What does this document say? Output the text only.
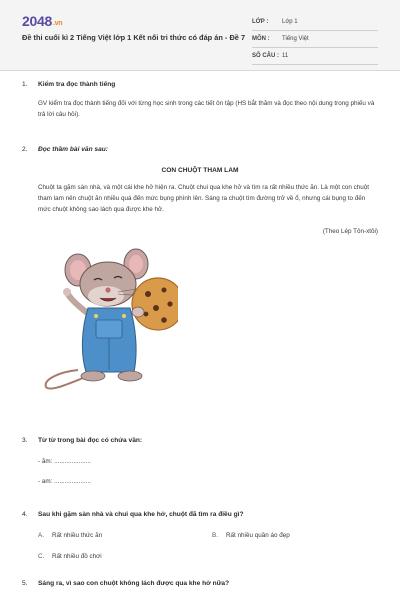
2048.vn
Đề thi cuối kì 2 Tiếng Việt lớp 1 Kết nối tri thức có đáp án - Đề 7
LỚP :	Lớp 1
MÔN :	Tiếng Việt
SỐ CÂU : 11
1. Kiểm tra đọc thành tiếng
GV kiểm tra đọc thành tiếng đối với từng học sinh trong các tiết ôn tập (HS bắt thăm và đọc theo nội dung trong phiếu và trả lời câu hỏi).
2. Đọc thầm bài văn sau:
CON CHUỘT THAM LAM
Chuột ta gặm sàn nhà, và một cái khe hở hiện ra. Chuột chui qua khe hở và tìm ra rất nhiều thức ăn. Là một con chuột tham lam nên chuột ăn nhiều quá đến mức bụng phình lên. Sáng ra chuột tìm đường trở về ổ, nhưng cái bụng to đến mức chuột không sao lách qua được khe hở.
(Theo Lép Tôn-xtôi)
3. Từ từ trong bài đọc có chứa vần:
- ăm: .....................
- am: .....................
4. Sau khi gặm sàn nhà và chui qua khe hở, chuột đã tìm ra điều gì?
A. Rất nhiều thức ăn	B. Rất nhiều quần áo đẹp
C. Rất nhiều đồ chơi
5. Sáng ra, vì sao con chuột không lách được qua khe hở nữa?
